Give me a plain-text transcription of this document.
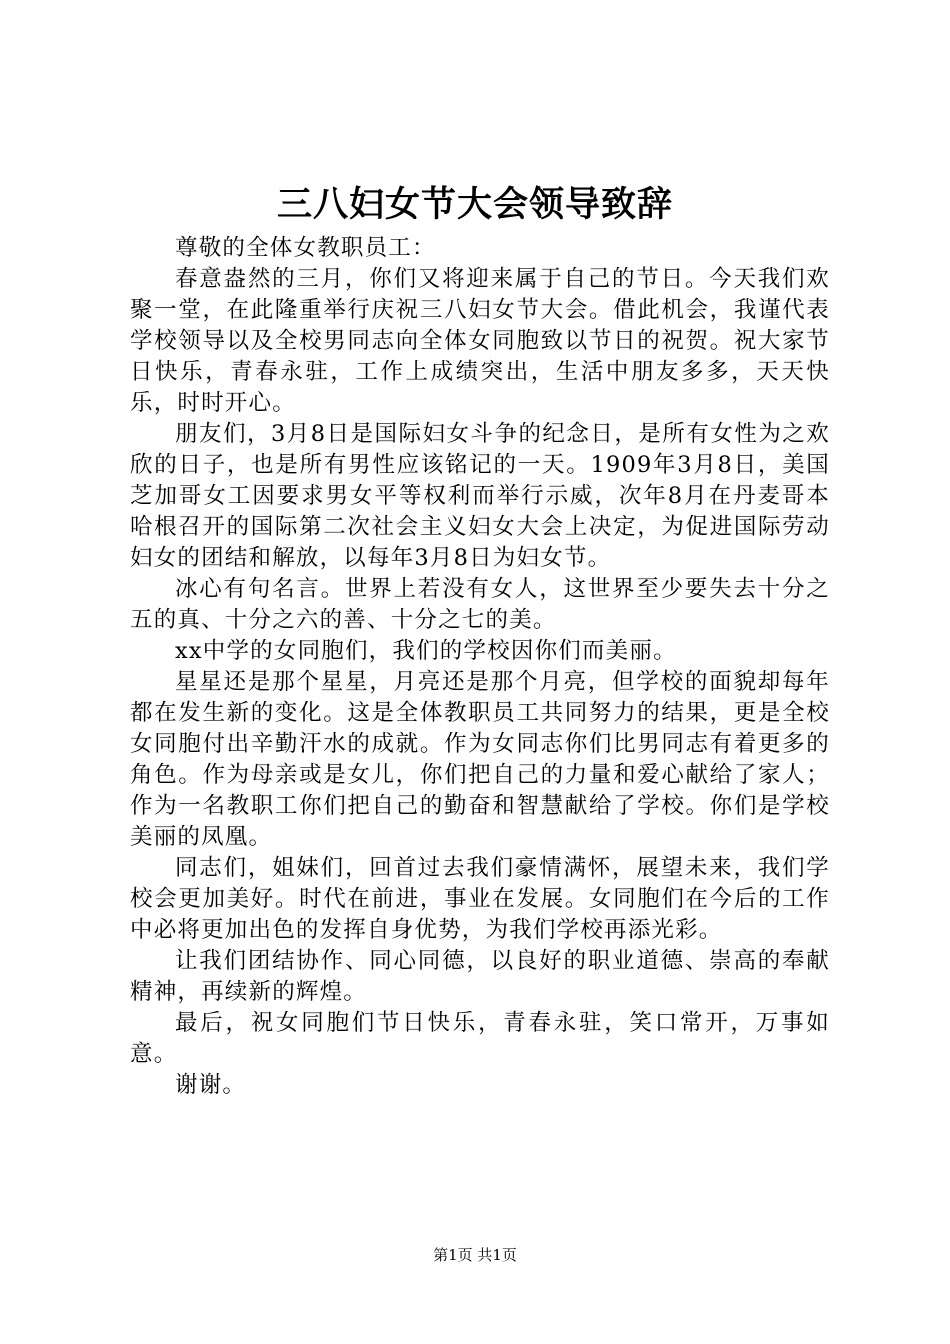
三八妇女节大会领导致辞

尊敬的全体女教职员工：

春意盎然的三月，你们又将迎来属于自己的节日。今天我们欢聚一堂，在此隆重举行庆祝三八妇女节大会。借此机会，我谨代表学校领导以及全校男同志向全体女同胞致以节日的祝贺。祝大家节日快乐，青春永驻，工作上成绩突出，生活中朋友多多，天天快乐，时时开心。

朋友们，3月8日是国际妇女斗争的纪念日，是所有女性为之欢欣的日子，也是所有男性应该铭记的一天。1909年3月8日，美国芝加哥女工因要求男女平等权利而举行示威，次年8月在丹麦哥本哈根召开的国际第二次社会主义妇女大会上决定，为促进国际劳动妇女的团结和解放，以每年3月8日为妇女节。

冰心有句名言。世界上若没有女人，这世界至少要失去十分之五的真、十分之六的善、十分之七的美。

xx中学的女同胞们，我们的学校因你们而美丽。

星星还是那个星星，月亮还是那个月亮，但学校的面貌却每年都在发生新的变化。这是全体教职员工共同努力的结果，更是全校女同胞付出辛勤汗水的成就。作为女同志你们比男同志有着更多的角色。作为母亲或是女儿，你们把自己的力量和爱心献给了家人；作为一名教职工你们把自己的勤奋和智慧献给了学校。你们是学校美丽的凤凰。

同志们，姐妹们，回首过去我们豪情满怀，展望未来，我们学校会更加美好。时代在前进，事业在发展。女同胞们在今后的工作中必将更加出色的发挥自身优势，为我们学校再添光彩。

让我们团结协作、同心同德，以良好的职业道德、崇高的奉献精神，再续新的辉煌。

最后，祝女同胞们节日快乐，青春永驻，笑口常开，万事如意。

谢谢。

第1页 共1页
